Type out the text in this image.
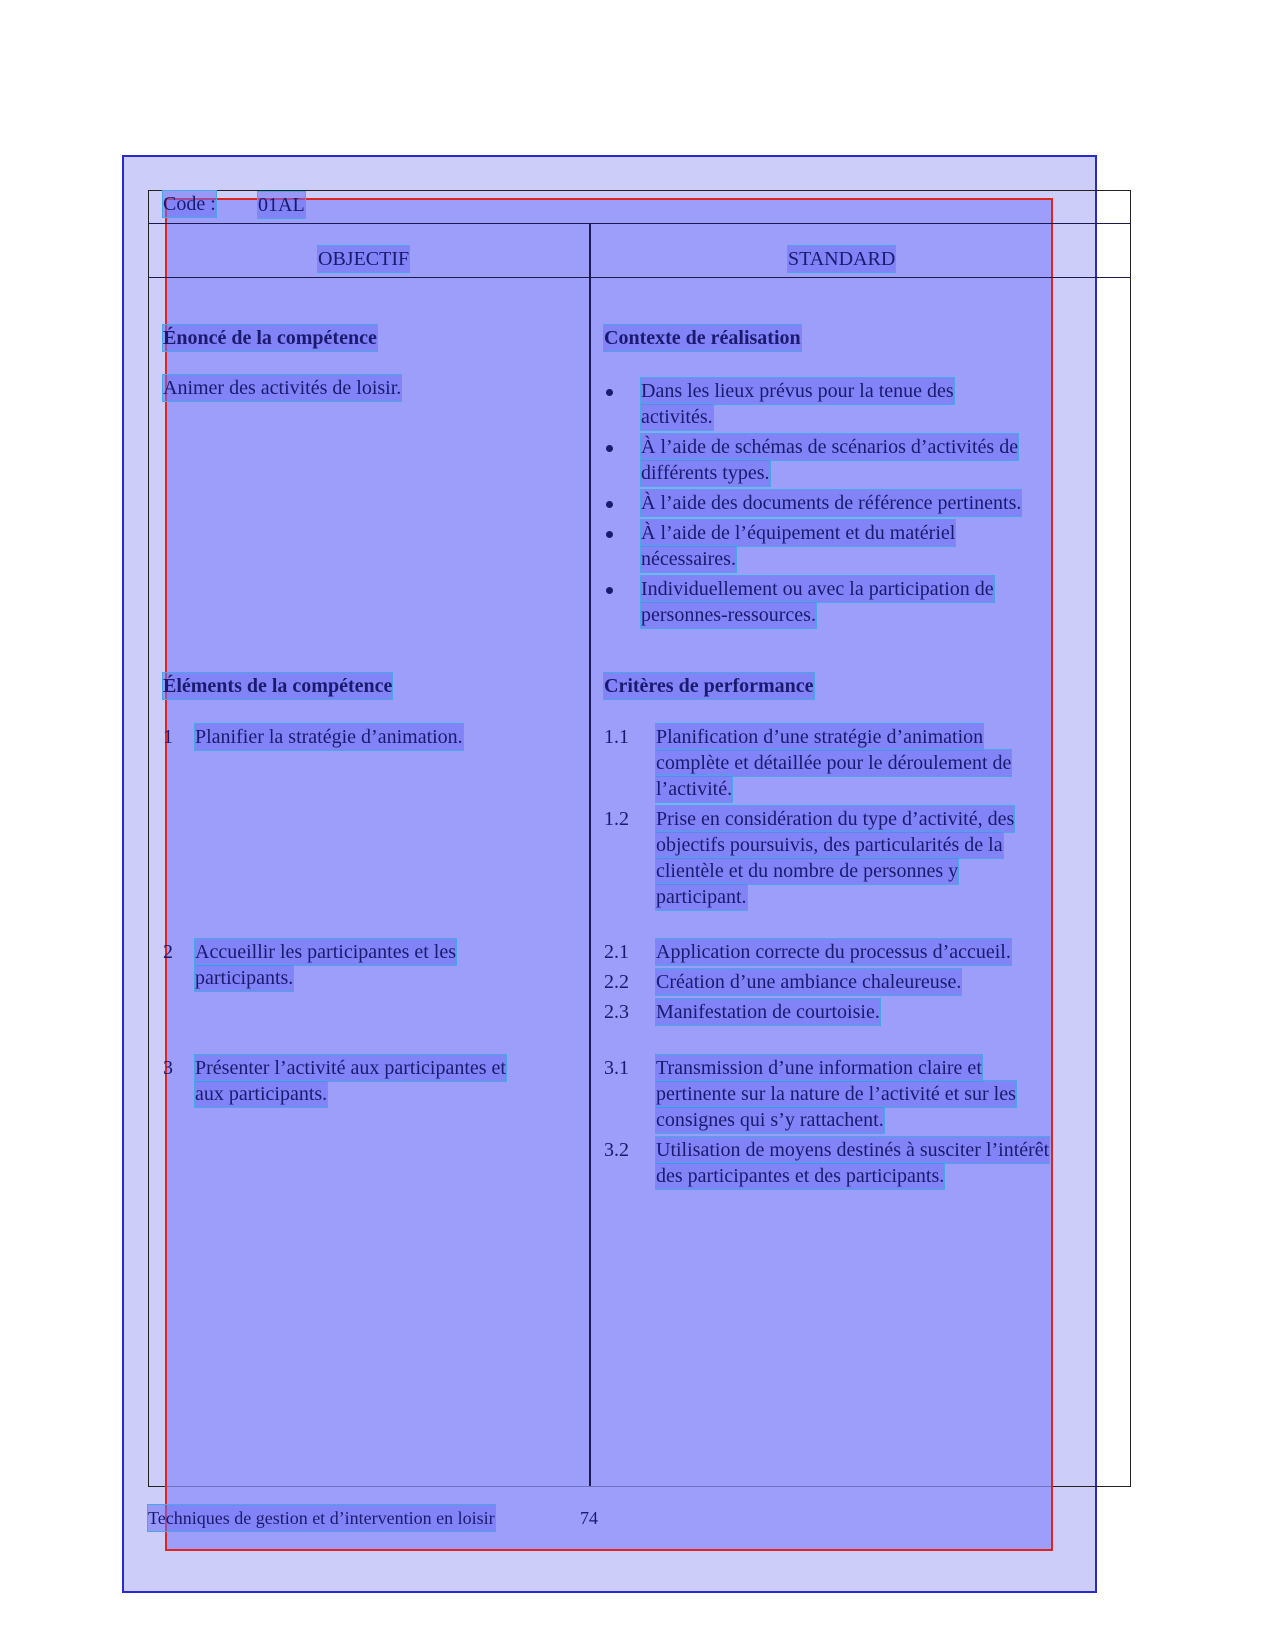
Code : 01AL
OBJECTIF	STANDARD
Énoncé de la compétence
Animer des activités de loisir.
Éléments de la compétence
1 Planifier la stratégie d’animation.
2 Accueillir les participantes et les
participants.
3 Présenter l’activité aux participantes et
aux participants.
Contexte de réalisation
Dans les lieux prévus pour la tenue des
activités.
À l’aide de schémas de scénarios d’activités de
différents types.
À l’aide des documents de référence pertinents.
À l’aide de l’équipement et du matériel
nécessaires.
Individuellement ou avec la participation de
personnes-ressources.
Critères de performance
1.1 Planification d’une stratégie d’animation
complète et détaillée pour le déroulement de
l’activité.
1.2 Prise en considération du type d’activité, des
objectifs poursuivis, des particularités de la
clientèle et du nombre de personnes y
participant.
2.1 Application correcte du processus d’accueil.
2.2 Création d’une ambiance chaleureuse.
2.3 Manifestation de courtoisie.
3.1 Transmission d’une information claire et
pertinente sur la nature de l’activité et sur les
consignes qui s’y rattachent.
3.2 Utilisation de moyens destinés à susciter l’intérêt
des participantes et des participants.
Techniques de gestion et d’intervention en loisir	74
